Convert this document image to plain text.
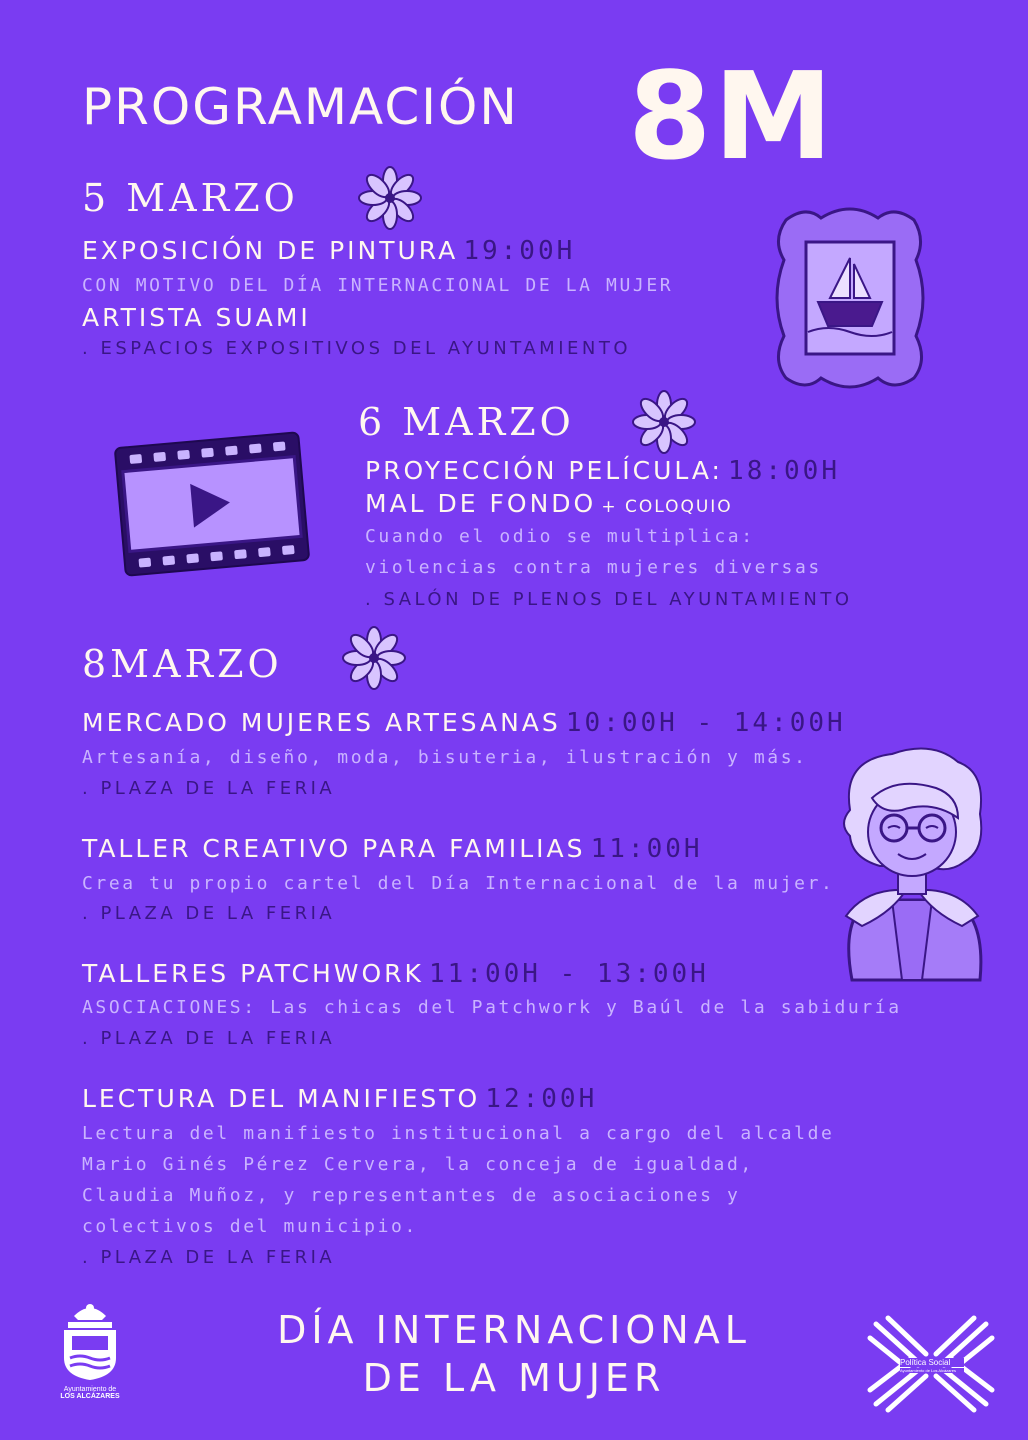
PROGRAMACIÓN 8M
5 MARZO
EXPOSICIÓN DE PINTURA 19:00H
CON MOTIVO DEL DÍA INTERNACIONAL DE LA MUJER
ARTISTA SUAMI
. ESPACIOS EXPOSITIVOS DEL AYUNTAMIENTO
6 MARZO
PROYECCIÓN PELÍCULA: 18:00H
MAL DE FONDO + COLOQUIO
Cuando el odio se multiplica:
violencias contra mujeres diversas
. SALÓN DE PLENOS DEL AYUNTAMIENTO
8MARZO
MERCADO MUJERES ARTESANAS 10:00H - 14:00H
Artesanía, diseño, moda, bisuteria, ilustración y más.
. PLAZA DE LA FERIA
TALLER CREATIVO PARA FAMILIAS 11:00H
Crea tu propio cartel del Día Internacional de la mujer.
. PLAZA DE LA FERIA
TALLERES PATCHWORK 11:00H - 13:00H
ASOCIACIONES: Las chicas del Patchwork y Baúl de la sabiduría
. PLAZA DE LA FERIA
LECTURA DEL MANIFIESTO 12:00H
Lectura del manifiesto institucional a cargo del alcalde
Mario Ginés Pérez Cervera, la conceja de igualdad,
Claudia Muñoz, y representantes de asociaciones y
colectivos del municipio.
. PLAZA DE LA FERIA
DÍA INTERNACIONAL
DE LA MUJER
Ayuntamiento de
LOS ALCÁZARES
Política Social
Ayuntamiento de Los Alcázares
